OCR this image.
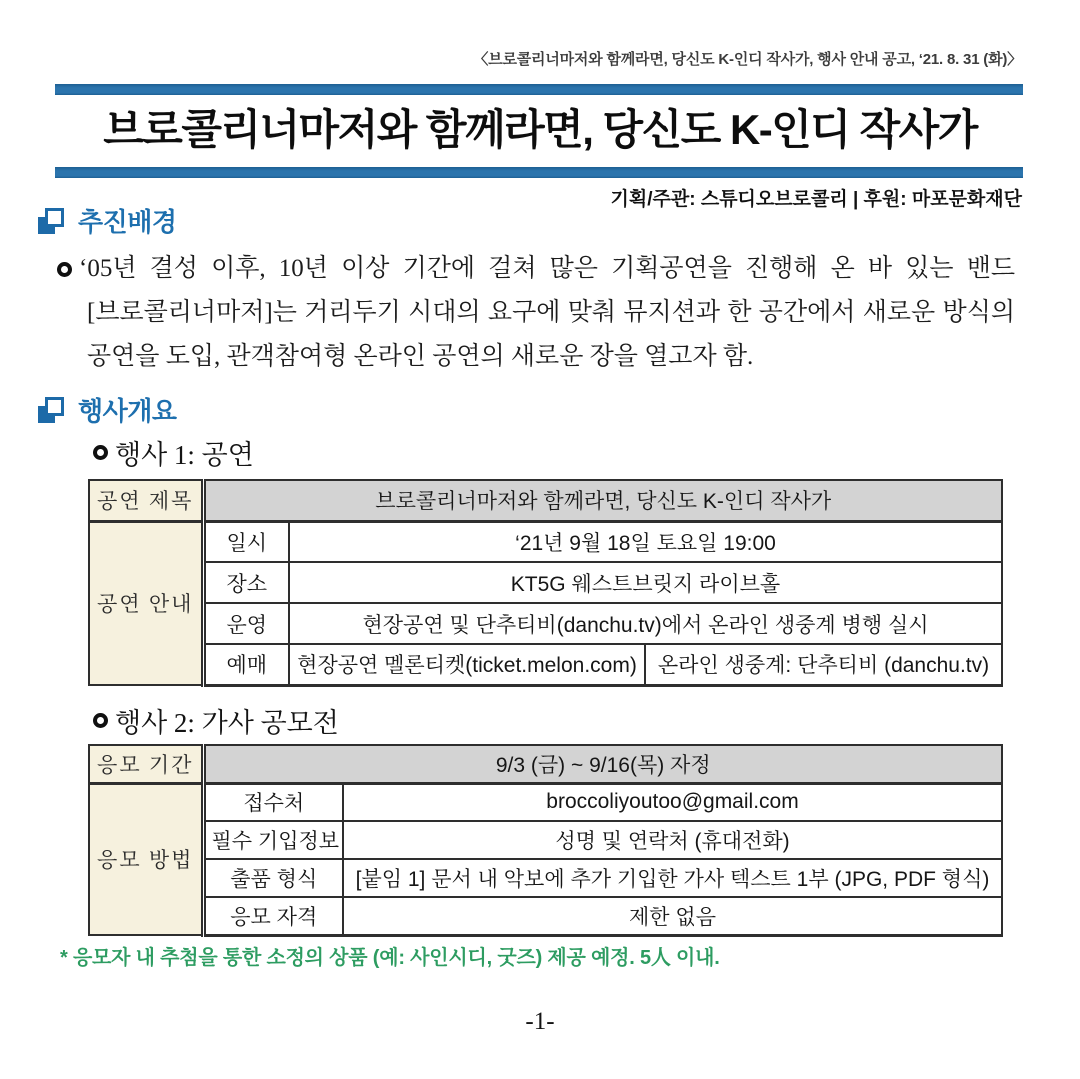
〈브로콜리너마저와 함께라면, 당신도 K-인디 작사가, 행사 안내 공고, ‘21. 8. 31 (화)〉
브로콜리너마저와 함께라면, 당신도 K-인디 작사가
기획/주관: 스튜디오브로콜리 | 후원: 마포문화재단
추진배경
‘05년 결성 이후, 10년 이상 기간에 걸쳐 많은 기획공연을 진행해 온 바 있는 밴드 [브로콜리너마저]는 거리두기 시대의 요구에 맞춰 뮤지션과 한 공간에서 새로운 방식의 공연을 도입, 관객참여형 온라인 공연의 새로운 장을 열고자 함.
행사개요
행사 1: 공연
공연 제목	브로콜리너마저와 함께라면, 당신도 K-인디 작사가		
공연 안내	일시	‘21년 9월 18일 토요일 19:00	
	장소	KT5G 웨스트브릿지 라이브홀	
	운영	현장공연 및 단추티비(danchu.tv)에서 온라인 생중계 병행 실시	
	예매	현장공연 멜론티켓(ticket.melon.com)	온라인 생중계: 단추티비 (danchu.tv)
행사 2: 가사 공모전
응모 기간	9/3 (금) ~ 9/16(목) 자정	
응모 방법	접수처	broccoliyoutoo@gmail.com
	필수 기입정보	성명 및 연락처 (휴대전화)
	출품 형식	[붙임 1] 문서 내 악보에 추가 기입한 가사 텍스트 1부 (JPG, PDF 형식)
	응모 자격	제한 없음
* 응모자 내 추첨을 통한 소정의 상품 (예: 사인시디, 굿즈) 제공 예정. 5人 이내.
-1-
